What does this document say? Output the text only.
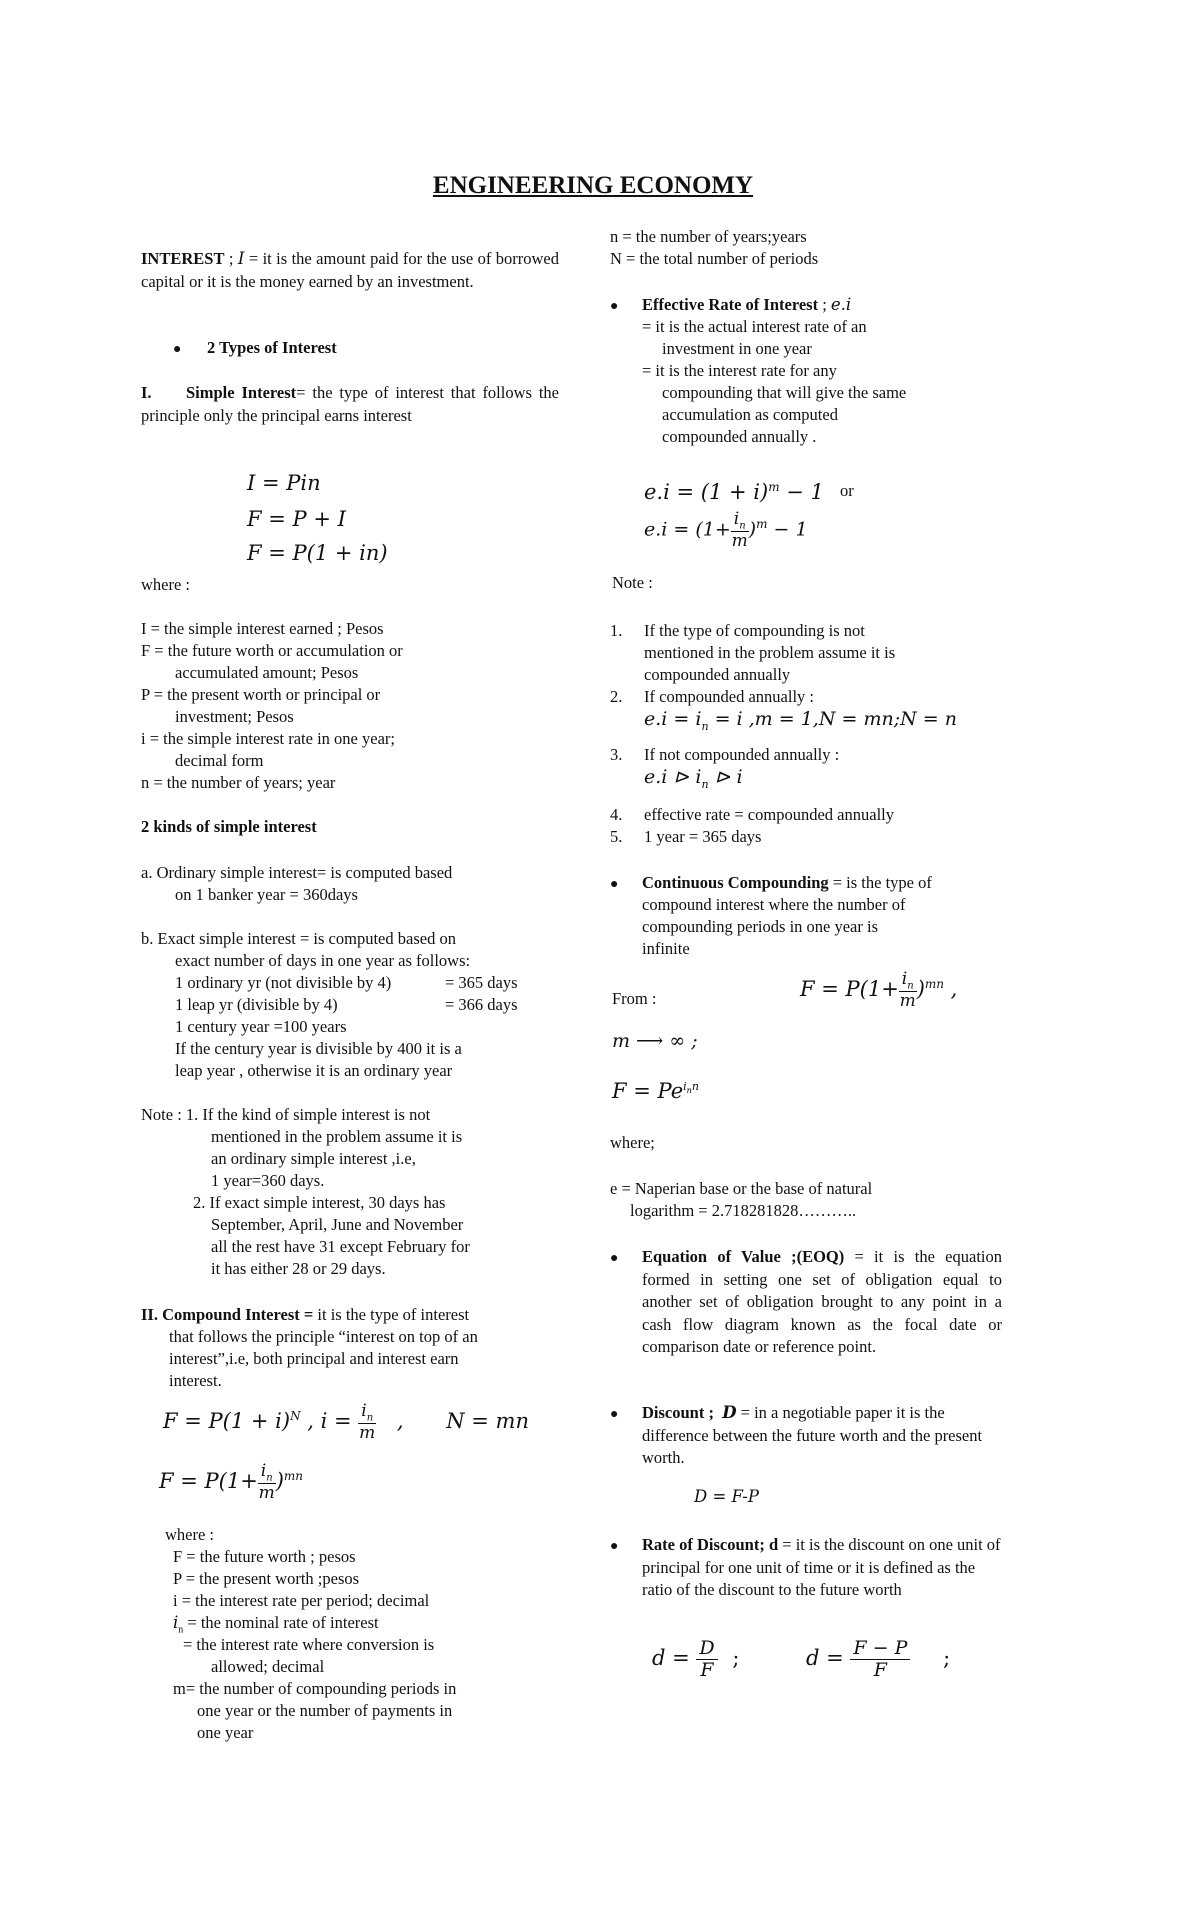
ENGINEERING ECONOMY
INTEREST ; I = it is the amount paid for the use of borrowed capital or it is the money earned by an investment.
● 2 Types of Interest
I. Simple Interest= the type of interest that follows the principle only the principal earns interest
I = Pin
F = P + I
F = P(1 + in)
where :
I = the simple interest earned ; Pesos
F = the future worth or accumulation or
accumulated amount; Pesos
P = the present worth or principal or
investment; Pesos
i = the simple interest rate in one year;
decimal form
n = the number of years; year
2 kinds of simple interest
a. Ordinary simple interest= is computed based
on 1 banker year = 360days
b. Exact simple interest = is computed based on
exact number of days in one year as follows:
1 ordinary yr (not divisible by 4)	= 365 days
1 leap yr (divisible by 4)	= 366 days
1 century year =100 years
If the century year is divisible by 400 it is a
leap year , otherwise it is an ordinary year
Note : 1. If the kind of simple interest is not
mentioned in the problem assume it is
an ordinary simple interest ,i.e,
1 year=360 days.
2. If exact simple interest, 30 days has
September, April, June and November
all the rest have 31 except February for
it has either 28 or 29 days.
II. Compound Interest = it is the type of interest
that follows the principle “interest on top of an
interest”,i.e, both principal and interest earn
interest.
$F = P(1 + i)^N$ , $i = \frac{i_n}{m}$ , N = mn
$F = P(1+ \frac{i_n}{m} )^{mn}$
where :
F = the future worth ; pesos
P = the present worth ;pesos
i = the interest rate per period; decimal
$i_n$ = the nominal rate of interest
= the interest rate where conversion is
allowed; decimal
m= the number of compounding periods in
one year or the number of payments in
one year
n = the number of years;years
N = the total number of periods
● Effective Rate of Interest ; e.i
= it is the actual interest rate of an
investment in one year
= it is the interest rate for any
compounding that will give the same
accumulation as computed
compounded annually .
$e.i = (1 + i)^m - 1$ or
$e.i = (1+ \frac{i_n}{m} )^m - 1$
Note :
1. If the type of compounding is not
mentioned in the problem assume it is
compounded annually
2. If compounded annually :
$e.i = i_n = i$ ,m = 1,N = mn;N = n
3. If not compounded annually :
e.i ⊳ $i_n$ ⊳ i
4. effective rate = compounded annually
5. 1 year = 365 days
● Continuous Compounding = is the type of
compound interest where the number of
compounding periods in one year is
infinite
From :	$F = P(1+ \frac{i_n}{m} )^{mn}$ ,
m ⟶ ∞ ;
$F = Pe^{i_nn}$
where;
e = Naperian base or the base of natural
logarithm = 2.718281828………..
● Equation of Value ;(EOQ) = it is the equation formed in setting one set of obligation equal to another set of obligation brought to any point in a cash flow diagram known as the focal date or comparison date or reference point.
● Discount ; D = in a negotiable paper it is the difference between the future worth and the present worth.
D = F-P
● Rate of Discount; d = it is the discount on one unit of principal for one unit of time or it is defined as the ratio of the discount to the future worth
$d = \frac{D}{F}$ ;	$d = \frac{F - P}{F}$ ;
